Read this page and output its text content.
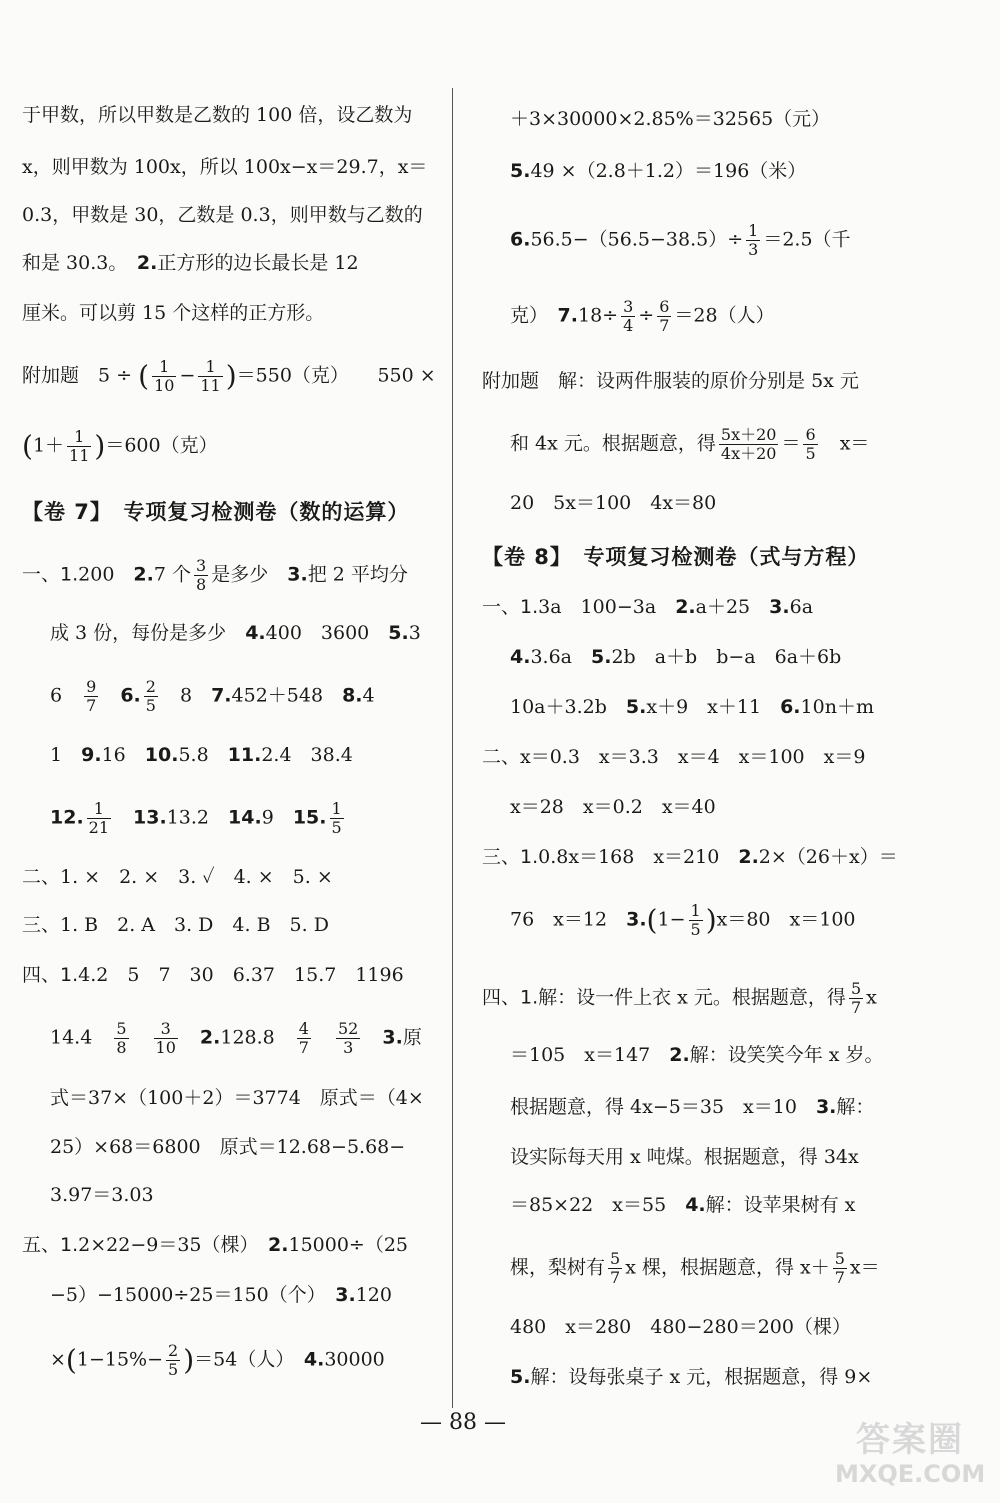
于甲数，所以甲数是乙数的 100 倍，设乙数为
x，则甲数为 100x，所以 100x−x＝29.7，x＝
0.3，甲数是 30，乙数是 0.3，则甲数与乙数的
和是 30.3。　 2.正方形的边长最长是 12
厘米。可以剪 15 个这样的正方形。
附加题　 5 ÷ ( $\frac{1}{10} - \frac{1}{11} )=550$（克）　　 550 ×
$(1+ \frac{1}{11} )=600$（克）
【卷 7】　 专项复习检测卷（数的运算）
一、1.200　 2.7 个 $\frac{3}{8}$ 是多少　 3.把 2 平均分
成 3 份，每份是多少　 4.400　3600　 5.3
6　 $\frac{9}{7}$
　 6. $\frac{2}{5}$
　 8　 7.452＋548　 8.4
1　 9.16　 10.5.8　 11.2.4　38.4
12. $\frac{1}{21}$
　 13.13.2　 14.9　 15. $\frac{1}{5}$
二、1. ×　2. ×　3. ✓　4. ×　5. ×
三、1. B　2. A　3. D　4. B　5. D
四、1.4.2　5　7　30　6.37　15.7　1196
14.4　 $\frac{5}{8}$
　 $\frac{3}{10}$
　 2.128.8　 $\frac{4}{7}$
　 $\frac{52}{3}$
　 3.原
式＝37×（100＋2）＝3774　原式＝（4×
25）×68＝6800　原式＝12.68−5.68−
3.97＝3.03
五、1.2×22−9＝35（棵）　 2.15000÷（25
−5）−15000÷25＝150（个）　 3.120
$\times(1-15\%- \frac{2}{5} )=54$（人）　 4.30000
＋3×30000×2.85%＝32565（元）
5.49 ×（2.8＋1.2）＝196（米）
$6.56.5-(56.5-38.5)\div \frac{1}{3} =2.5$（千
克）　 $7.18\div \frac{3}{4} \div \frac{6}{7} =28$（人）
附加题　 解：设两件服装的原价分别是 5x 元
和 4x 元。根据题意，得 $\frac{5x+20}{4x+20} = \frac{6}{5}$
　 x＝
20　5x＝100　4x＝80
【卷 8】　 专项复习检测卷（式与方程）
一、1.3a　100−3a　 2.a＋25　 3.6a
4.3.6a　 5.2b　a＋b　b−a　6a＋6b
10a＋3.2b　 5.x＋9　x＋11　 6.10n＋m
二、x＝0.3　x＝3.3　x＝4　x＝100　x＝9
x＝28　x＝0.2　x＝40
三、1.0.8x＝168　x＝210　 2.2×（26＋x）＝
76　x＝12　 $3.(1- \frac{1}{5} )x=80$　x＝100
四、1.解：设一件上衣 x 元。根据题意，得 $\frac{5}{7}$ x
＝105　x＝147　 2.解：设笑笑今年 x 岁。
根据题意，得 4x−5＝35　x＝10　 3.解：
设实际每天用 x 吨煤。根据题意，得 34x
＝85×22　x＝55　 4.解：设苹果树有 x
棵，梨树有 $\frac{5}{7}$ x 棵，根据题意，得 $x+ \frac{5}{7} x=$
480　x＝280　480−280＝200（棵）
5.解：设每张桌子 x 元，根据题意，得 9×
— 88 —	答案圈
MXQE.COM
